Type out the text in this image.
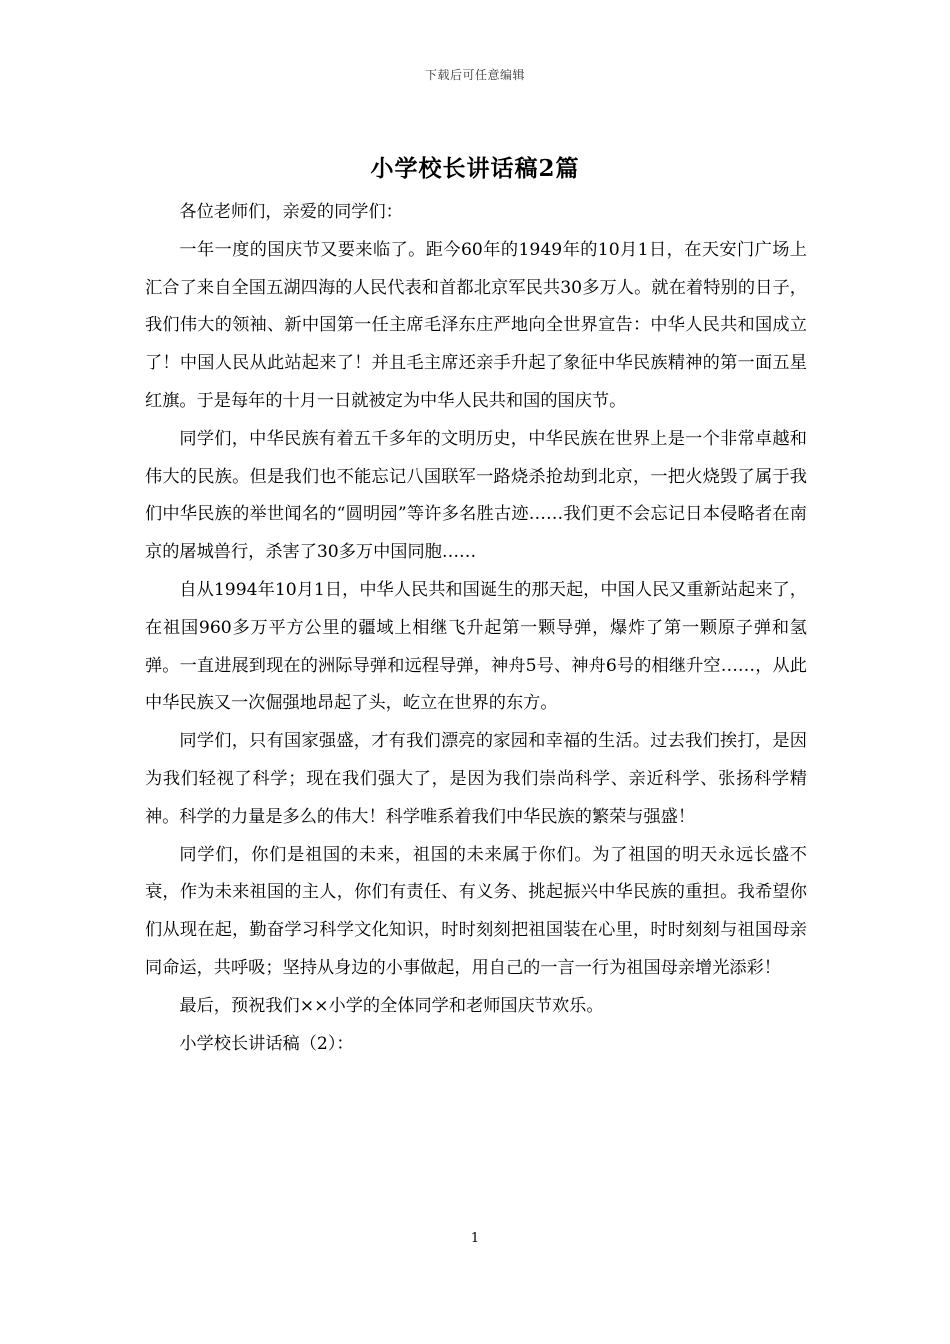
下载后可任意编辑
小学校长讲话稿2篇

各位老师们，亲爱的同学们：

一年一度的国庆节又要来临了。距今60年的1949年的10月1日，在天安门广场上汇合了来自全国五湖四海的人民代表和首都北京军民共30多万人。就在着特别的日子，我们伟大的领袖、新中国第一任主席毛泽东庄严地向全世界宣告：中华人民共和国成立了！中国人民从此站起来了！并且毛主席还亲手升起了象征中华民族精神的第一面五星红旗。于是每年的十月一日就被定为中华人民共和国的国庆节。

同学们，中华民族有着五千多年的文明历史，中华民族在世界上是一个非常卓越和伟大的民族。但是我们也不能忘记八国联军一路烧杀抢劫到北京，一把火烧毁了属于我们中华民族的举世闻名的“圆明园”等许多名胜古迹……我们更不会忘记日本侵略者在南京的屠城兽行，杀害了30多万中国同胞……

自从1994年10月1日，中华人民共和国诞生的那天起，中国人民又重新站起来了，在祖国960多万平方公里的疆域上相继飞升起第一颗导弹，爆炸了第一颗原子弹和氢弹。一直进展到现在的洲际导弹和远程导弹，神舟5号、神舟6号的相继升空……，从此中华民族又一次倔强地昂起了头，屹立在世界的东方。

同学们，只有国家强盛，才有我们漂亮的家园和幸福的生活。过去我们挨打，是因为我们轻视了科学；现在我们强大了，是因为我们崇尚科学、亲近科学、张扬科学精神。科学的力量是多么的伟大！科学唯系着我们中华民族的繁荣与强盛！

同学们，你们是祖国的未来，祖国的未来属于你们。为了祖国的明天永远长盛不衰，作为未来祖国的主人，你们有责任、有义务、挑起振兴中华民族的重担。我希望你们从现在起，勤奋学习科学文化知识，时时刻刻把祖国装在心里，时时刻刻与祖国母亲同命运，共呼吸；坚持从身边的小事做起，用自己的一言一行为祖国母亲增光添彩！

最后，预祝我们××小学的全体同学和老师国庆节欢乐。

小学校长讲话稿（2）：

1
